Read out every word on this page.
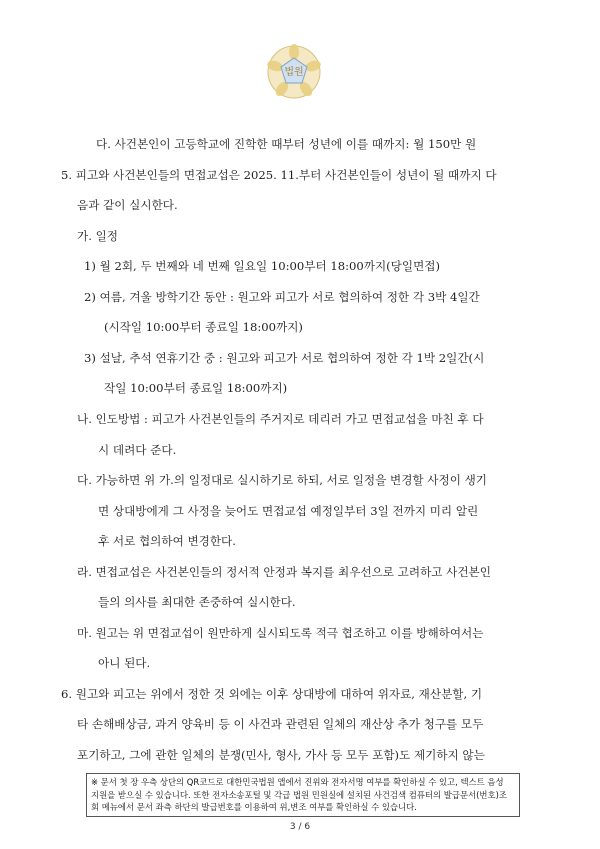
법원
다. 사건본인이 고등학교에 진학한 때부터 성년에 이를 때까지: 월 150만 원
5. 피고와 사건본인들의 면접교섭은 2025. 11.부터 사건본인들이 성년이 될 때까지 다
음과 같이 실시한다.
가. 일정
1) 월 2회, 두 번째와 네 번째 일요일 10:00부터 18:00까지(당일면접)
2) 여름, 겨울 방학기간 동안 : 원고와 피고가 서로 협의하여 정한 각 3박 4일간
(시작일 10:00부터 종료일 18:00까지)
3) 설날, 추석 연휴기간 중 : 원고와 피고가 서로 협의하여 정한 각 1박 2일간(시
작일 10:00부터 종료일 18:00까지)
나. 인도방법 : 피고가 사건본인들의 주거지로 데리러 가고 면접교섭을 마친 후 다
시 데려다 준다.
다. 가능하면 위 가.의 일정대로 실시하기로 하되, 서로 일정을 변경할 사정이 생기
면 상대방에게 그 사정을 늦어도 면접교섭 예정일부터 3일 전까지 미리 알린
후 서로 협의하여 변경한다.
라. 면접교섭은 사건본인들의 정서적 안정과 복지를 최우선으로 고려하고 사건본인
들의 의사를 최대한 존중하여 실시한다.
마. 원고는 위 면접교섭이 원만하게 실시되도록 적극 협조하고 이를 방해하여서는
아니 된다.
6. 원고와 피고는 위에서 정한 것 외에는 이후 상대방에 대하여 위자료, 재산분할, 기
타 손해배상금, 과거 양육비 등 이 사건과 관련된 일체의 재산상 추가 청구를 모두
포기하고, 그에 관한 일체의 분쟁(민사, 형사, 가사 등 모두 포함)도 제기하지 않는
※ 문서 첫 장 우측 상단의 QR코드로 대한민국법원 앱에서 진위와 전자서명 여부를 확인하실 수 있고, 텍스트 음성
지원을 받으실 수 있습니다. 또한 전자소송포털 및 각급 법원 민원실에 설치된 사건검색 컴퓨터의 발급문서(번호)조
회 메뉴에서 문서 좌측 하단의 발급번호를 이용하여 위,변조 여부를 확인하실 수 있습니다.
3 / 6
